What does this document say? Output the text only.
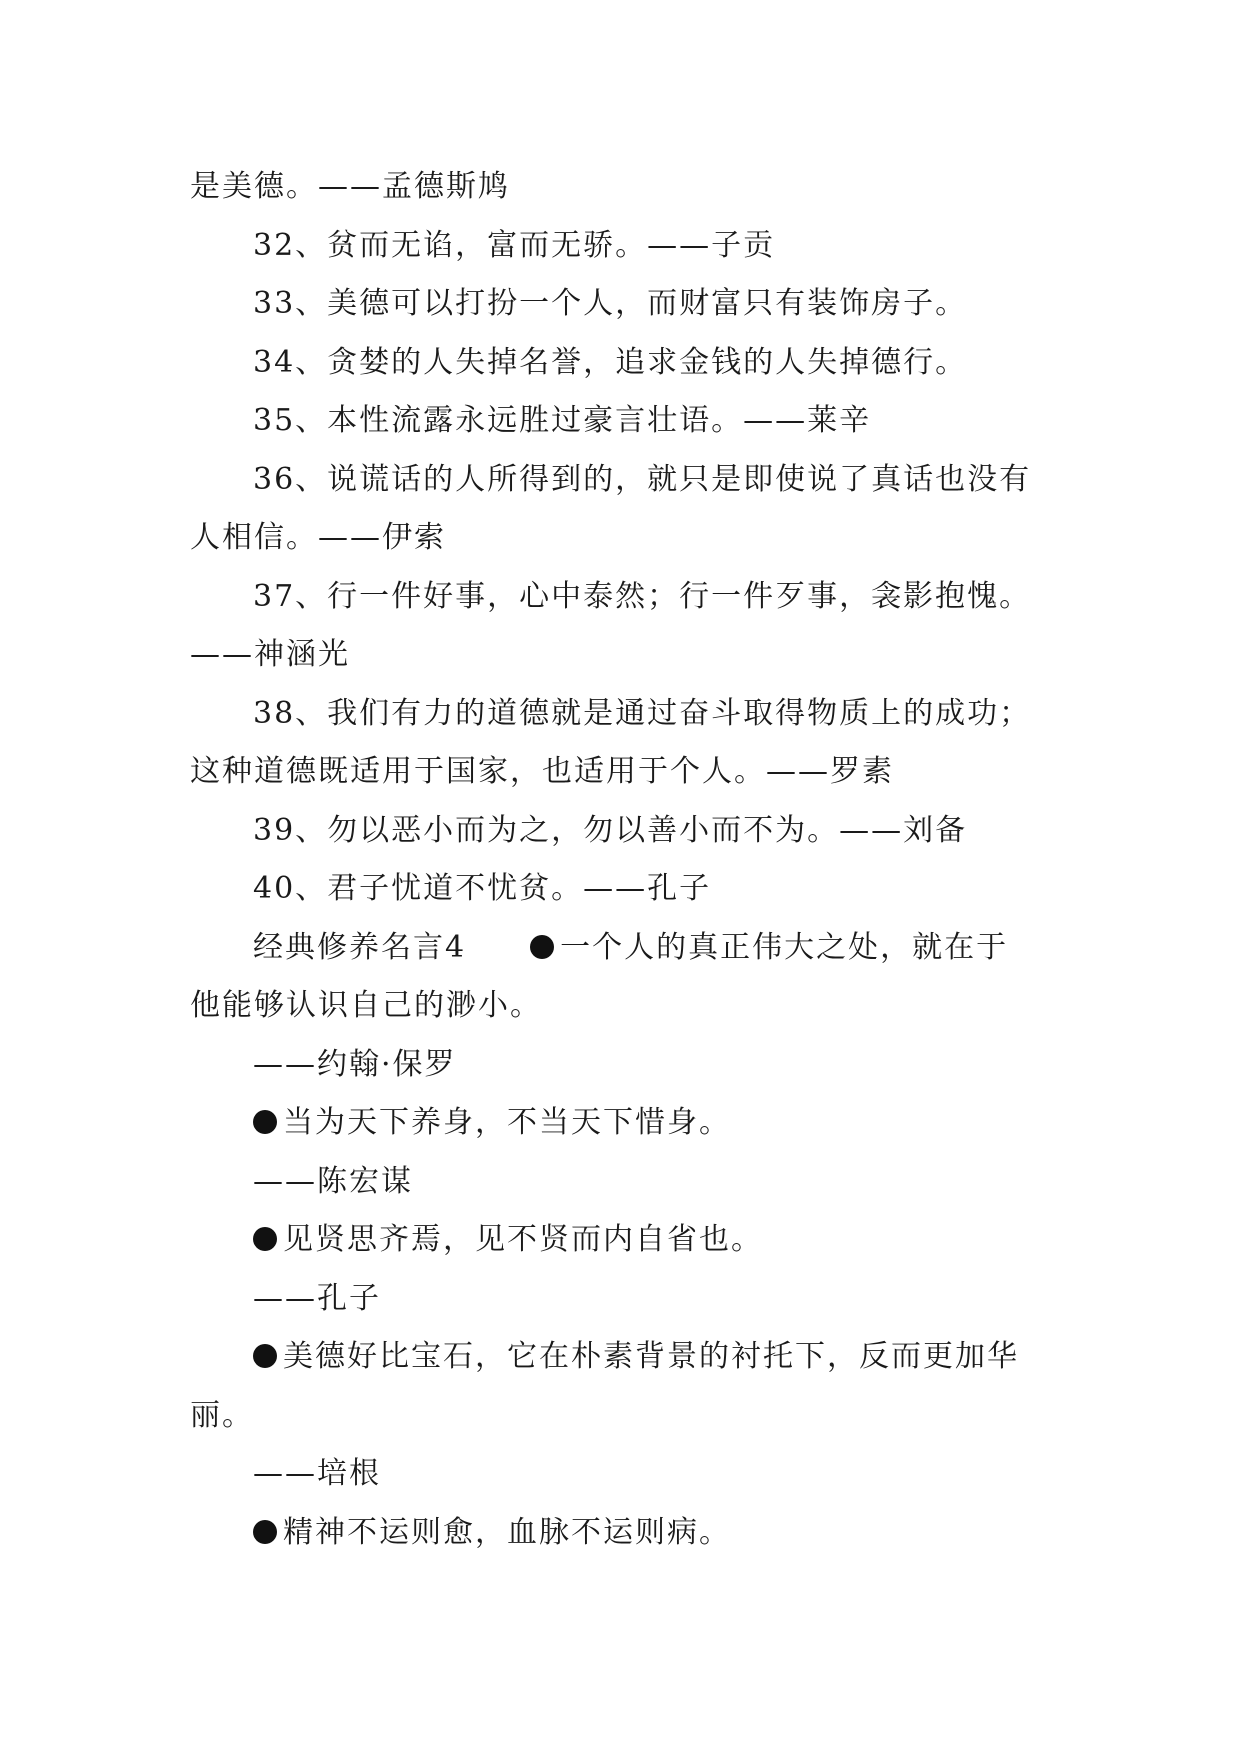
是美德。——孟德斯鸠
32、贫而无谄，富而无骄。——子贡
33、美德可以打扮一个人，而财富只有装饰房子。
34、贪婪的人失掉名誉，追求金钱的人失掉德行。
35、本性流露永远胜过豪言壮语。——莱辛
36、说谎话的人所得到的，就只是即使说了真话也没有
人相信。——伊索
37、行一件好事，心中泰然；行一件歹事，衾影抱愧。
——神涵光
38、我们有力的道德就是通过奋斗取得物质上的成功；
这种道德既适用于国家，也适用于个人。——罗素
39、勿以恶小而为之，勿以善小而不为。——刘备
40、君子忧道不忧贫。——孔子
经典修养名言4　　一个人的真正伟大之处，就在于
他能够认识自己的渺小。
——约翰·保罗
当为天下养身，不当天下惜身。
——陈宏谋
见贤思齐焉，见不贤而内自省也。
——孔子
美德好比宝石，它在朴素背景的衬托下，反而更加华
丽。
——培根
精神不运则愈，血脉不运则病。
